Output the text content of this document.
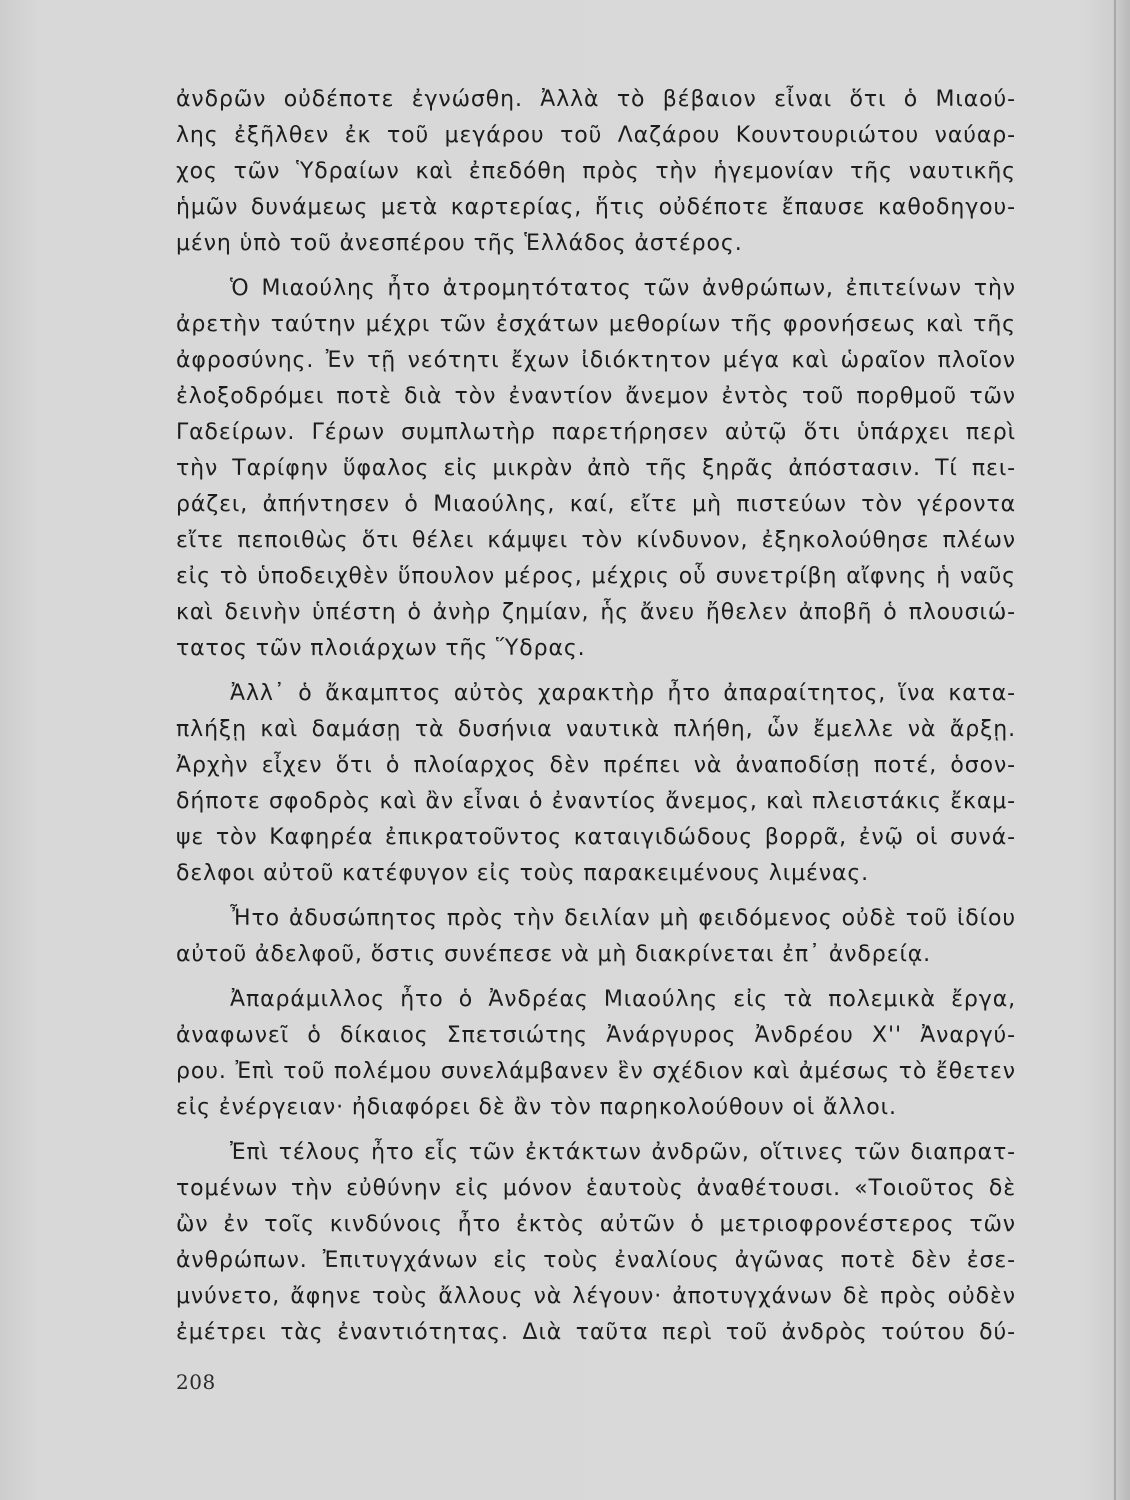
ἀνδρῶν οὐδέποτε ἐγνώσθη. Ἀλλὰ τὸ βέβαιον εἶναι ὅτι ὁ Μιαού-
λης ἐξῆλθεν ἐκ τοῦ μεγάρου τοῦ Λαζάρου Κουντουριώτου ναύαρ-
χος τῶν Ὑδραίων καὶ ἐπεδόθη πρὸς τὴν ἡγεμονίαν τῆς ναυτικῆς
ἡμῶν δυνάμεως μετὰ καρτερίας, ἥτις οὐδέποτε ἔπαυσε καθοδηγου-
μένη ὑπὸ τοῦ ἀνεσπέρου τῆς Ἑλλάδος ἀστέρος.
Ὁ Μιαούλης ἦτο ἀτρομητότατος τῶν ἀνθρώπων, ἐπιτείνων τὴν
ἀρετὴν ταύτην μέχρι τῶν ἐσχάτων μεθορίων τῆς φρονήσεως καὶ τῆς
ἀφροσύνης. Ἐν τῇ νεότητι ἔχων ἰδιόκτητον μέγα καὶ ὡραῖον πλοῖον
ἐλοξοδρόμει ποτὲ διὰ τὸν ἐναντίον ἄνεμον ἐντὸς τοῦ πορθμοῦ τῶν
Γαδείρων. Γέρων συμπλωτὴρ παρετήρησεν αὐτῷ ὅτι ὑπάρχει περὶ
τὴν Ταρίφην ὕφαλος εἰς μικρὰν ἀπὸ τῆς ξηρᾶς ἀπόστασιν. Τί πει-
ράζει, ἀπήντησεν ὁ Μιαούλης, καί, εἴτε μὴ πιστεύων τὸν γέροντα
εἴτε πεποιθὼς ὅτι θέλει κάμψει τὸν κίνδυνον, ἐξηκολούθησε πλέων
εἰς τὸ ὑποδειχθὲν ὕπουλον μέρος, μέχρις οὗ συνετρίβη αἴφνης ἡ ναῦς
καὶ δεινὴν ὑπέστη ὁ ἀνὴρ ζημίαν, ἧς ἄνευ ἤθελεν ἀποβῆ ὁ πλουσιώ-
τατος τῶν πλοιάρχων τῆς Ὕδρας.
Ἀλλ᾽ ὁ ἄκαμπτος αὐτὸς χαρακτὴρ ἦτο ἀπαραίτητος, ἵνα κατα-
πλήξῃ καὶ δαμάσῃ τὰ δυσήνια ναυτικὰ πλήθη, ὧν ἔμελλε νὰ ἄρξῃ.
Ἀρχὴν εἶχεν ὅτι ὁ πλοίαρχος δὲν πρέπει νὰ ἀναποδίσῃ ποτέ, ὁσον-
δήποτε σφοδρὸς καὶ ἂν εἶναι ὁ ἐναντίος ἄνεμος, καὶ πλειστάκις ἔκαμ-
ψε τὸν Καφηρέα ἐπικρατοῦντος καταιγιδώδους βορρᾶ, ἐνῷ οἱ συνά-
δελφοι αὐτοῦ κατέφυγον εἰς τοὺς παρακειμένους λιμένας.
Ἦτο ἀδυσώπητος πρὸς τὴν δειλίαν μὴ φειδόμενος οὐδὲ τοῦ ἰδίου
αὐτοῦ ἀδελφοῦ, ὅστις συνέπεσε νὰ μὴ διακρίνεται ἐπ᾽ ἀνδρείᾳ.
Ἀπαράμιλλος ἦτο ὁ Ἀνδρέας Μιαούλης εἰς τὰ πολεμικὰ ἔργα,
ἀναφωνεῖ ὁ δίκαιος Σπετσιώτης Ἀνάργυρος Ἀνδρέου Χ'' Ἀναργύ-
ρου. Ἐπὶ τοῦ πολέμου συνελάμβανεν ἓν σχέδιον καὶ ἀμέσως τὸ ἔθετεν
εἰς ἐνέργειαν· ἠδιαφόρει δὲ ἂν τὸν παρηκολούθουν οἱ ἄλλοι.
Ἐπὶ τέλους ἦτο εἷς τῶν ἐκτάκτων ἀνδρῶν, οἵτινες τῶν διαπρατ-
τομένων τὴν εὐθύνην εἰς μόνον ἑαυτοὺς ἀναθέτουσι. «Τοιοῦτος δὲ
ὢν ἐν τοῖς κινδύνοις ἦτο ἐκτὸς αὐτῶν ὁ μετριοφρονέστερος τῶν
ἀνθρώπων. Ἐπιτυγχάνων εἰς τοὺς ἐναλίους ἀγῶνας ποτὲ δὲν ἐσε-
μνύνετο, ἄφηνε τοὺς ἄλλους νὰ λέγουν· ἀποτυγχάνων δὲ πρὸς οὐδὲν
ἐμέτρει τὰς ἐναντιότητας. Διὰ ταῦτα περὶ τοῦ ἀνδρὸς τούτου δύ-
208
